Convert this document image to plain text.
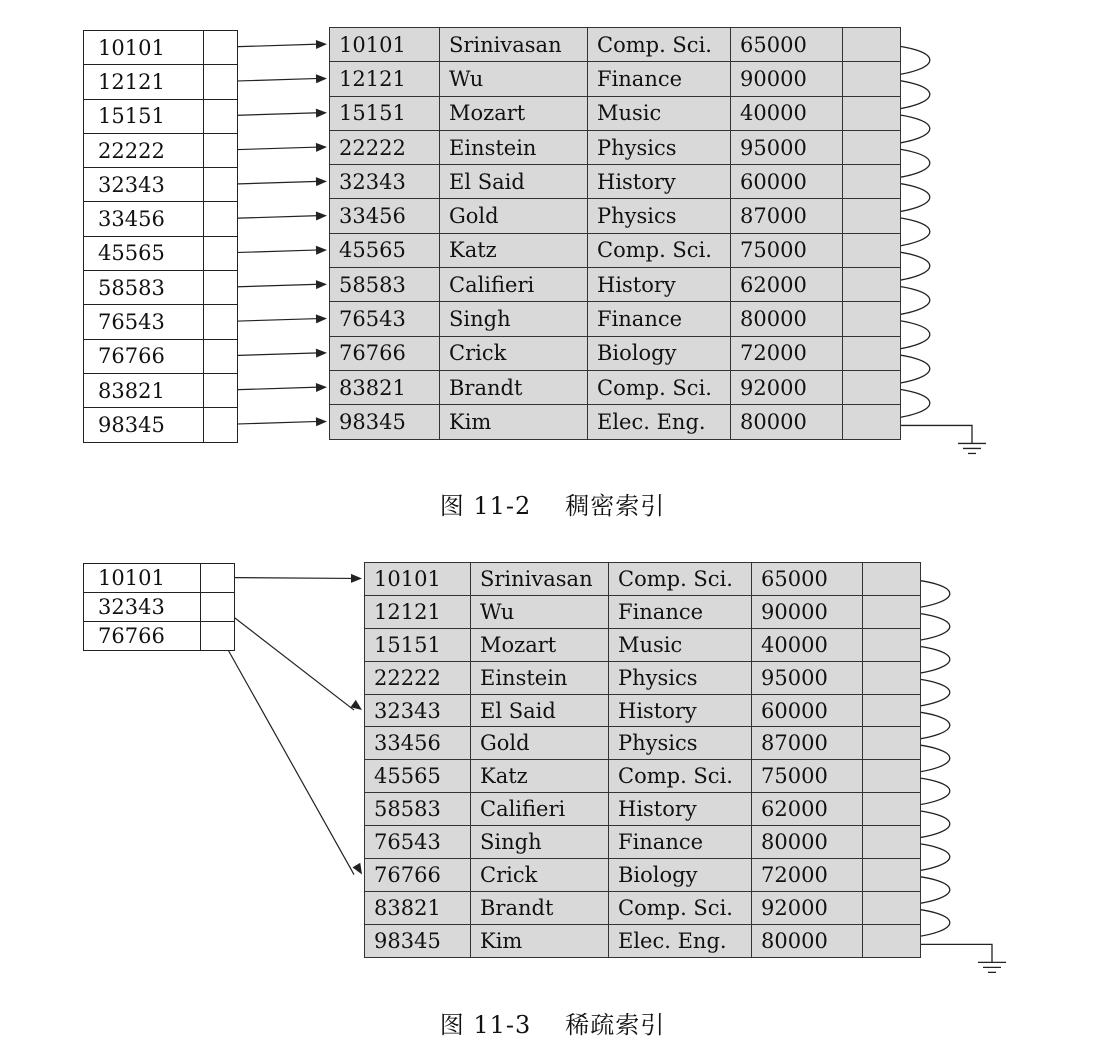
10101	
12121	
15151	
22222	
32343	
33456	
45565	
58583	
76543	
76766	
83821	
98345	
10101	Srinivasan	Comp. Sci.	65000	
12121	Wu	Finance	90000	
15151	Mozart	Music	40000	
22222	Einstein	Physics	95000	
32343	El Said	History	60000	
33456	Gold	Physics	87000	
45565	Katz	Comp. Sci.	75000	
58583	Califieri	History	62000	
76543	Singh	Finance	80000	
76766	Crick	Biology	72000	
83821	Brandt	Comp. Sci.	92000	
98345	Kim	Elec. Eng.	80000	
图 11-2 稠密索引
10101	
32343	
76766	
10101	Srinivasan	Comp. Sci.	65000	
12121	Wu	Finance	90000	
15151	Mozart	Music	40000	
22222	Einstein	Physics	95000	
32343	El Said	History	60000	
33456	Gold	Physics	87000	
45565	Katz	Comp. Sci.	75000	
58583	Califieri	History	62000	
76543	Singh	Finance	80000	
76766	Crick	Biology	72000	
83821	Brandt	Comp. Sci.	92000	
98345	Kim	Elec. Eng.	80000	
图 11-3 稀疏索引
